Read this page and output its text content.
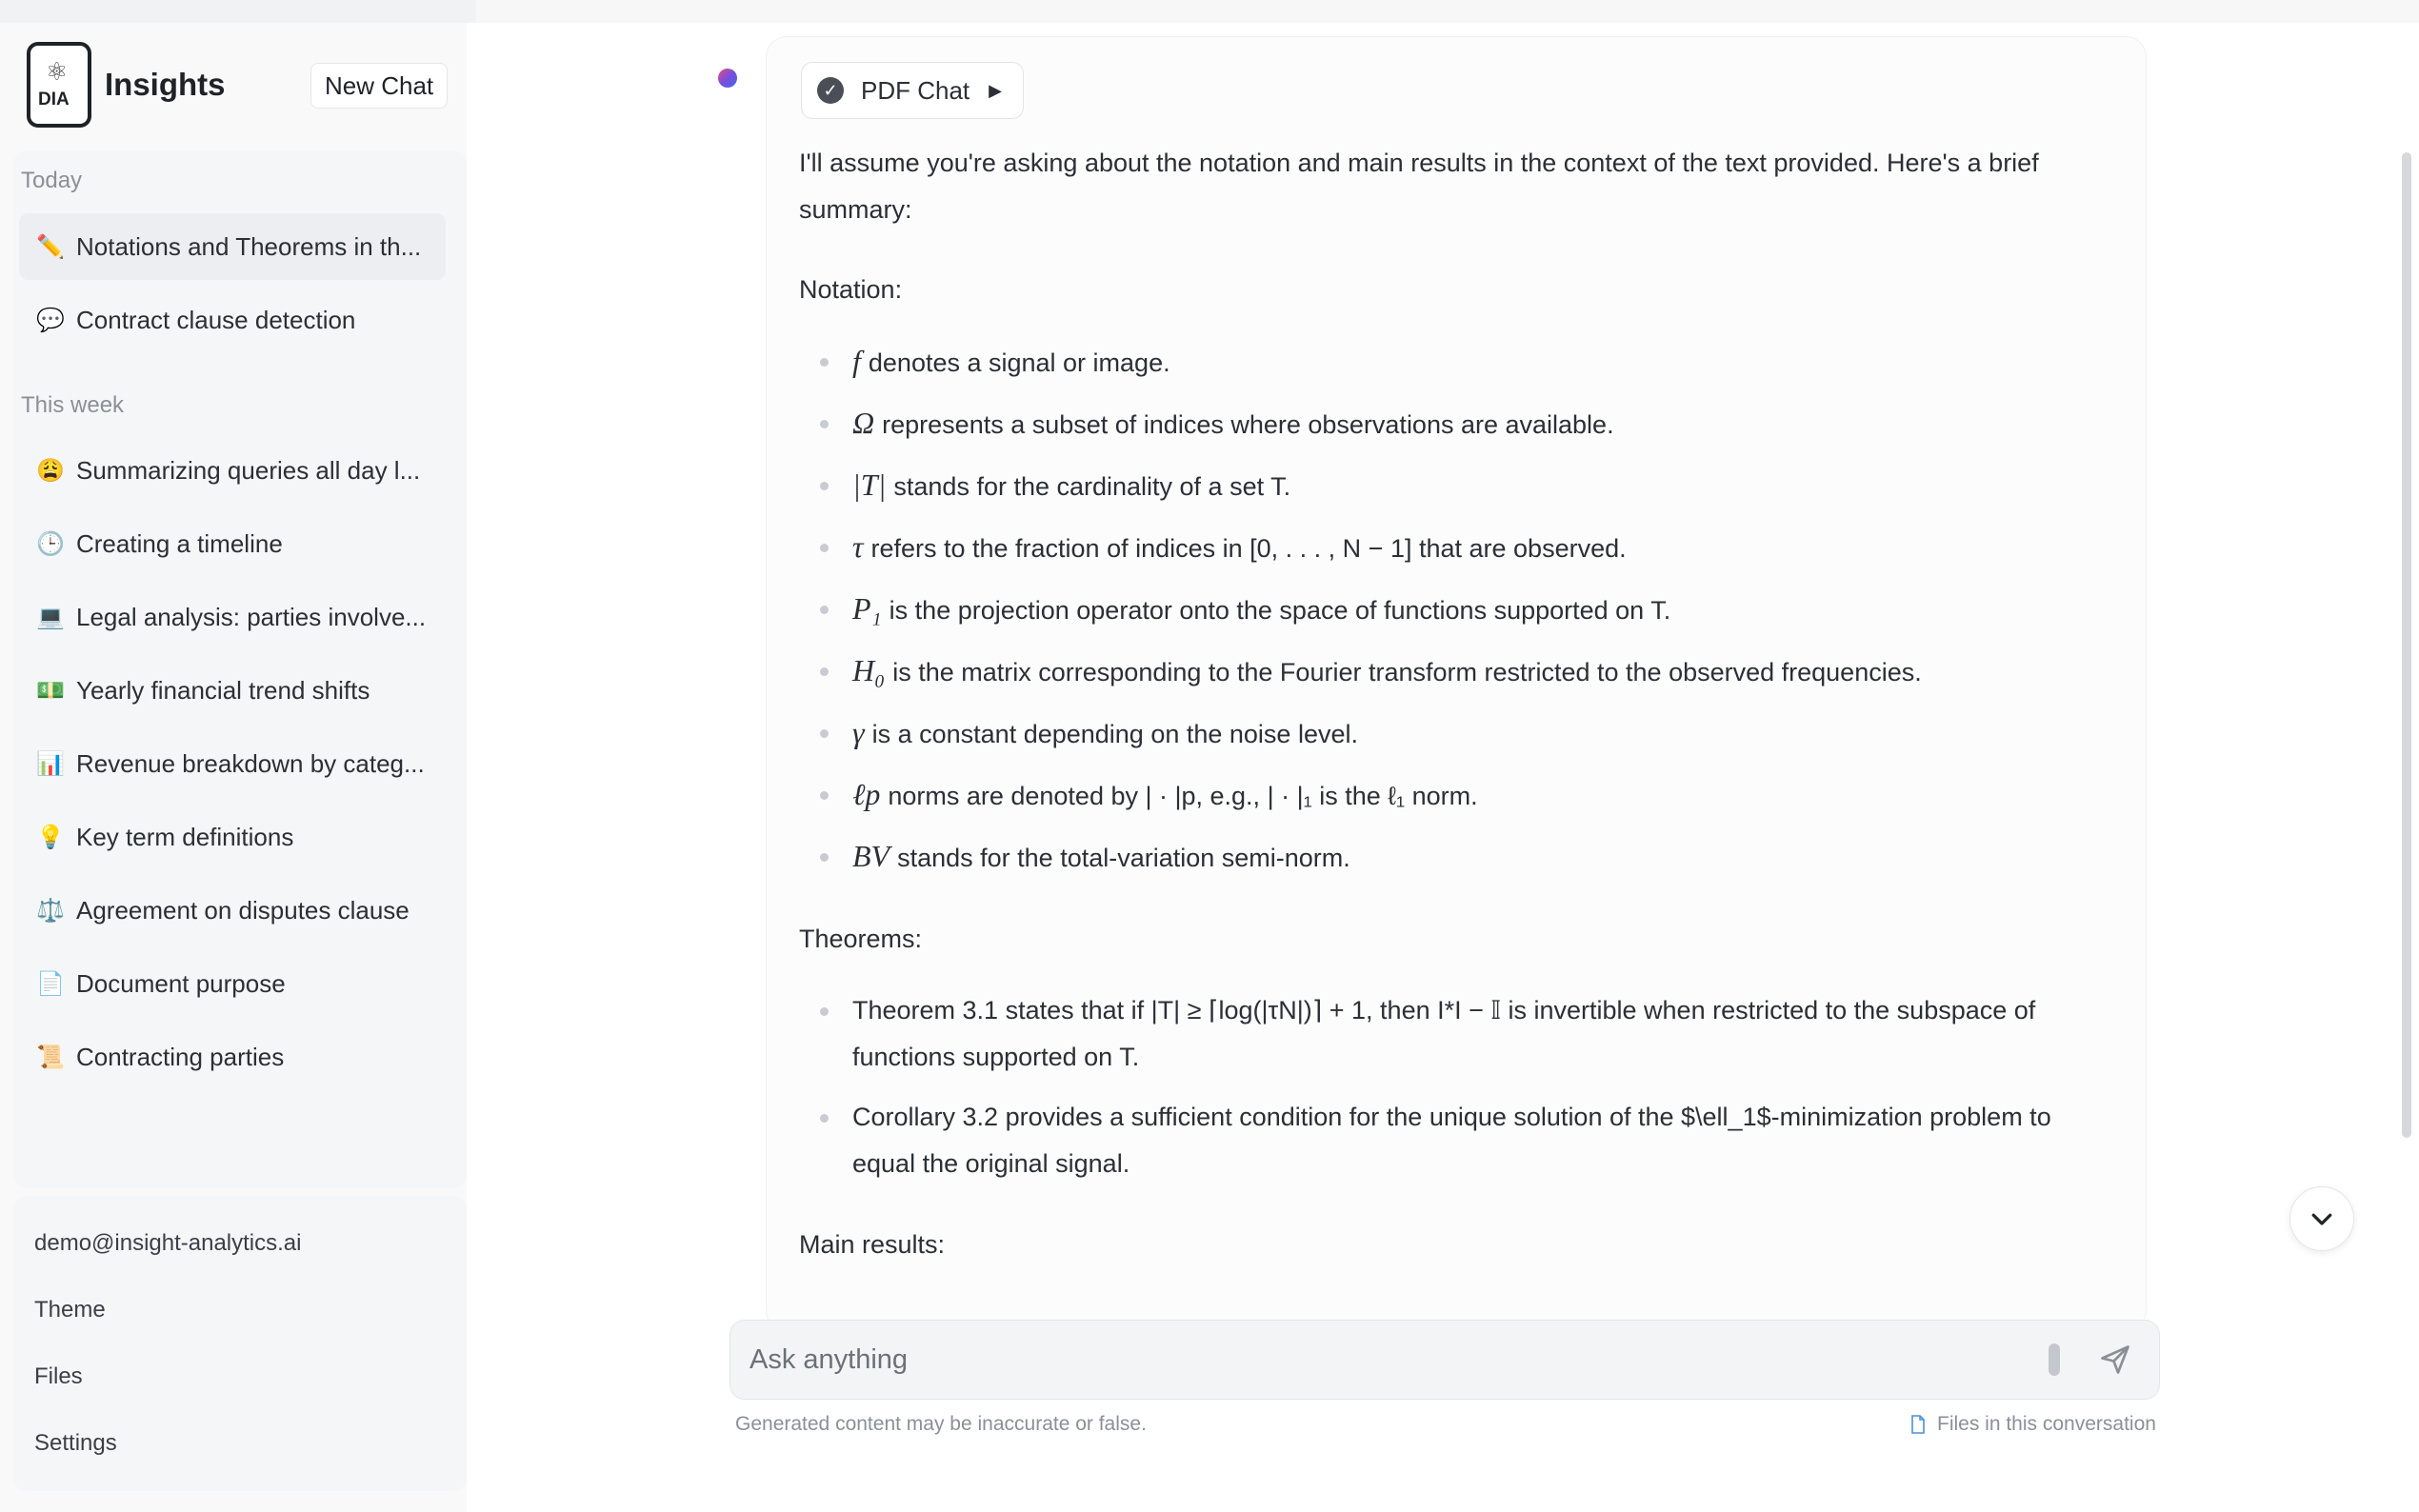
⚛
DIA Insights	New Chat
Today
✏️ Notations and Theorems in th...
💬 Contract clause detection
This week
😩 Summarizing queries all day l...
🕒 Creating a timeline
💻 Legal analysis: parties involve...
💵 Yearly financial trend shifts
📊 Revenue breakdown by categ...
💡 Key term definitions
⚖️ Agreement on disputes clause
📄 Document purpose
📜 Contracting parties
demo@insight-analytics.ai
Theme
Files
Settings
✓ PDF Chat ▶

I'll assume you're asking about the notation and main results in the context of the text provided. Here's a brief summary:

Notation:

f denotes a signal or image.
Ω represents a subset of indices where observations are available.
|T| stands for the cardinality of a set T.
τ refers to the fraction of indices in [0, . . . , N − 1] that are observed.
P₁ is the projection operator onto the space of functions supported on T.
H₀ is the matrix corresponding to the Fourier transform restricted to the observed frequencies.
γ is a constant depending on the noise level.
ℓp norms are denoted by | · |p, e.g., | · |₁ is the ℓ₁ norm.
BV stands for the total-variation semi-norm.

Theorems:

Theorem 3.1 states that if |T| ≥ ⌈log(|τN|)⌉ + 1, then I*I − 𝕀 is invertible when restricted to the subspace of functions supported on T.
Corollary 3.2 provides a sufficient condition for the unique solution of the $\ell_1$-minimization problem to equal the original signal.

Main results:

Ask anything
Generated content may be inaccurate or false.	Files in this conversation
